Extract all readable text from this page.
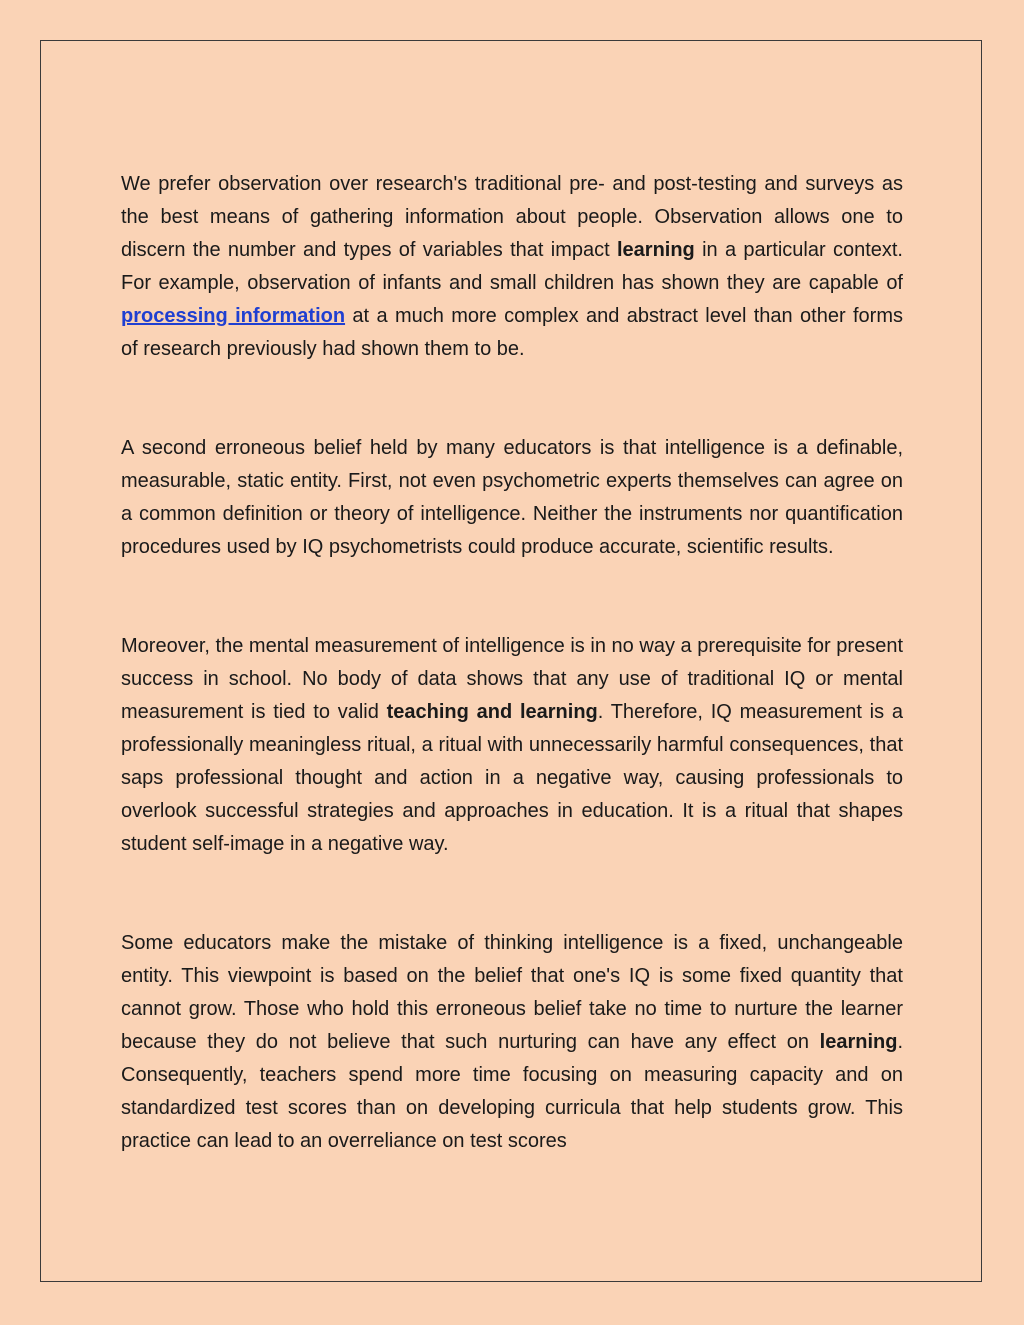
We prefer observation over research's traditional pre- and post-testing and surveys as the best means of gathering information about people. Observation allows one to discern the number and types of variables that impact learning in a particular context. For example, observation of infants and small children has shown they are capable of processing information at a much more complex and abstract level than other forms of research previously had shown them to be.

A second erroneous belief held by many educators is that intelligence is a definable, measurable, static entity. First, not even psychometric experts themselves can agree on a common definition or theory of intelligence. Neither the instruments nor quantification procedures used by IQ psychometrists could produce accurate, scientific results.

Moreover, the mental measurement of intelligence is in no way a prerequisite for present success in school. No body of data shows that any use of traditional IQ or mental measurement is tied to valid teaching and learning. Therefore, IQ measurement is a professionally meaningless ritual, a ritual with unnecessarily harmful consequences, that saps professional thought and action in a negative way, causing professionals to overlook successful strategies and approaches in education. It is a ritual that shapes student self-image in a negative way.

Some educators make the mistake of thinking intelligence is a fixed, unchangeable entity. This viewpoint is based on the belief that one's IQ is some fixed quantity that cannot grow. Those who hold this erroneous belief take no time to nurture the learner because they do not believe that such nurturing can have any effect on learning. Consequently, teachers spend more time focusing on measuring capacity and on standardized test scores than on developing curricula that help students grow. This practice can lead to an overreliance on test scores
